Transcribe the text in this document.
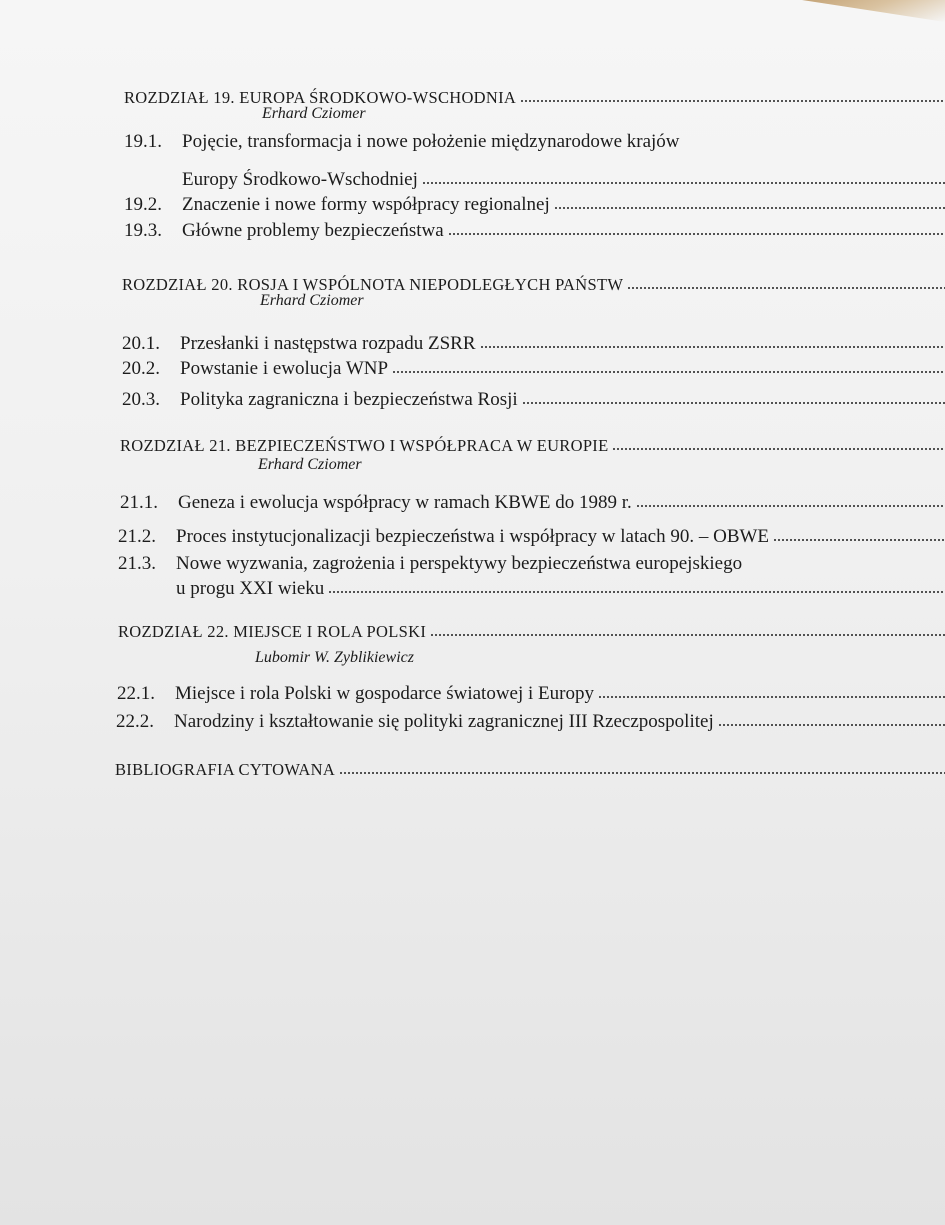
ROZDZIAŁ 19. EUROPA ŚRODKOWO-WSCHODNIA
Erhard Cziomer
19.1. Pojęcie, transformacja i nowe położenie międzynarodowe krajów
Europy Środkowo-Wschodniej
19.2.	Znaczenie i nowe formy współpracy regionalnej
19.3.	Główne problemy bezpieczeństwa
ROZDZIAŁ 20. ROSJA I WSPÓLNOTA NIEPODLEGŁYCH PAŃSTW
Erhard Cziomer
20.1.	Przesłanki i następstwa rozpadu ZSRR
20.2.	Powstanie i ewolucja WNP
20.3.	Polityka zagraniczna i bezpieczeństwa Rosji
ROZDZIAŁ 21. BEZPIECZEŃSTWO I WSPÓŁPRACA W EUROPIE
Erhard Cziomer
21.1.	Geneza i ewolucja współpracy w ramach KBWE do 1989 r.
21.2.	Proces instytucjonalizacji bezpieczeństwa i współpracy w latach 90. – OBWE
21.3. Nowe wyzwania, zagrożenia i perspektywy bezpieczeństwa europejskiego
u progu XXI wieku
ROZDZIAŁ 22. MIEJSCE I ROLA POLSKI
Lubomir W. Zyblikiewicz
22.1.	Miejsce i rola Polski w gospodarce światowej i Europy
22.2.	Narodziny i kształtowanie się polityki zagranicznej III Rzeczpospolitej
BIBLIOGRAFIA CYTOWANA
